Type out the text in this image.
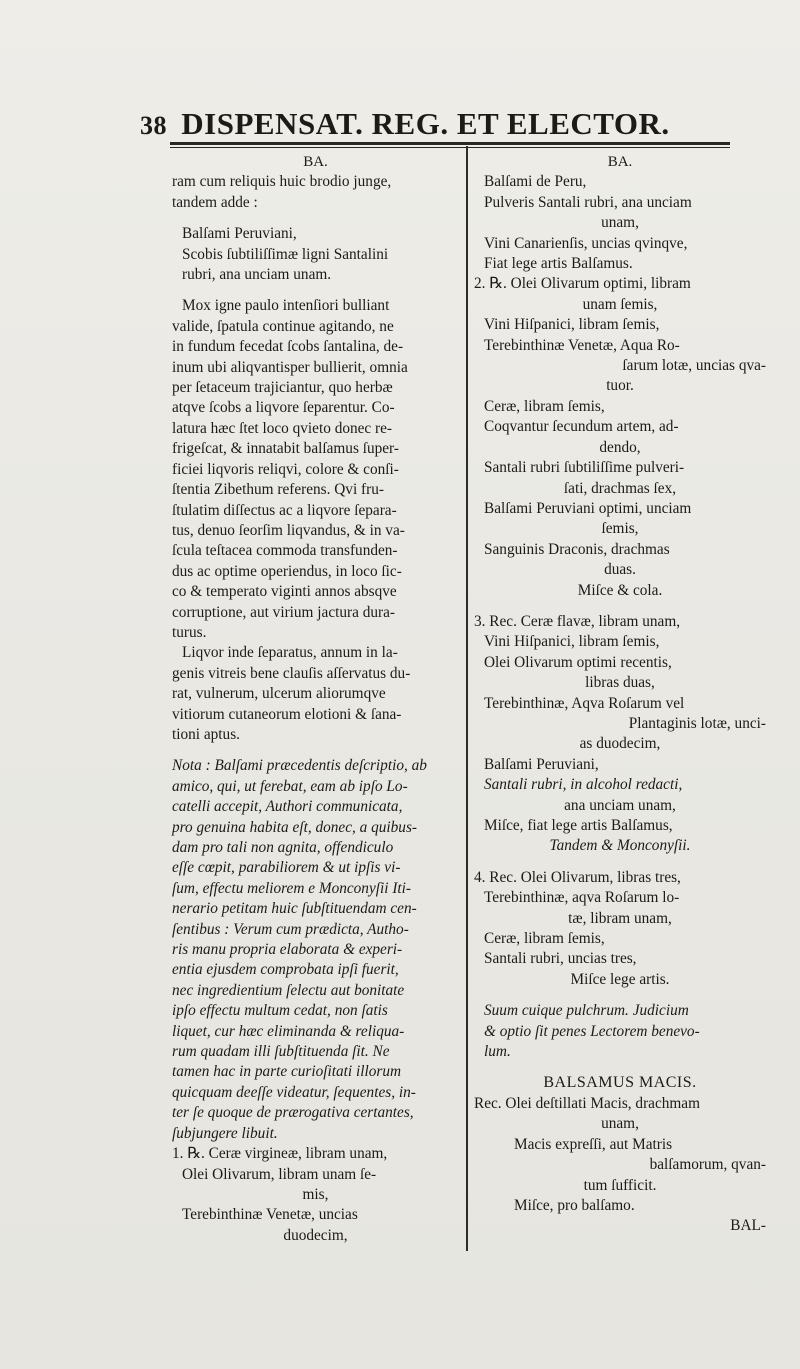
38 DISPENSAT. REG. ET ELECTOR.

BA.

ram cum reliquis huic brodio junge,

tandem adde :

Balſami Peruviani,

Scobis ſubtiliſſimæ ligni Santalini

rubri, ana unciam unam.

Mox igne paulo intenſiori bulliant

valide, ſpatula continue agitando, ne

in fundum fecedat ſcobs ſantalina, de-

inum ubi aliqvantisper bullierit, omnia

per ſetaceum trajiciantur, quo herbæ

atqve ſcobs a liqvore ſeparentur. Co-

latura hæc ſtet loco qvieto donec re-

frigeſcat, & innatabit balſamus ſuper-

ficiei liqvoris reliqvi, colore & conſi-

ſtentia Zibethum referens. Qvi fru-

ſtulatim diſſectus ac a liqvore ſepara-

tus, denuo ſeorſim liqvandus, & in va-

ſcula teſtacea commoda transfunden-

dus ac optime operiendus, in loco ſic-

co & temperato viginti annos absqve

corruptione, aut virium jactura dura-

turus.

Liqvor inde ſeparatus, annum in la-

genis vitreis bene clauſis aſſervatus du-

rat, vulnerum, ulcerum aliorumqve

vitiorum cutaneorum elotioni & ſana-

tioni aptus.

Nota : Balſami præcedentis deſcriptio, ab

amico, qui, ut ferebat, eam ab ipſo Lo-

catelli accepit, Authori communicata,

pro genuina habita eſt, donec, a quibus-

dam pro tali non agnita, offendiculo

eſſe cœpit, parabiliorem & ut ipſis vi-

ſum, effectu meliorem e Monconyſii Iti-

nerario petitam huic ſubſtituendam cen-

ſentibus : Verum cum prædicta, Autho-

ris manu propria elaborata & experi-

entia ejusdem comprobata ipſi fuerit,

nec ingredientium ſelectu aut bonitate

ipſo effectu multum cedat, non ſatis

liquet, cur hæc eliminanda & reliqua-

rum quadam illi ſubſtituenda ſit. Ne

tamen hac in parte curioſitati illorum

quicquam deeſſe videatur, ſequentes, in-

ter ſe quoque de prærogativa certantes,

ſubjungere libuit.

1. ℞. Ceræ virgineæ, libram unam,

Olei Olivarum, libram unam ſe-

mis,

Terebinthinæ Venetæ, uncias

duodecim,

BA.

Balſami de Peru,

Pulveris Santali rubri, ana unciam

unam,

Vini Canarienſis, uncias qvinqve,

Fiat lege artis Balſamus.

2. ℞. Olei Olivarum optimi, libram

unam ſemis,

Vini Hiſpanici, libram ſemis,

Terebinthinæ Venetæ, Aqua Ro-

ſarum lotæ, uncias qva-

tuor.

Ceræ, libram ſemis,

Coqvantur ſecundum artem, ad-

dendo,

Santali rubri ſubtiliſſime pulveri-

ſati, drachmas ſex,

Balſami Peruviani optimi, unciam

ſemis,

Sanguinis Draconis, drachmas

duas.

Miſce & cola.

3. Rec. Ceræ flavæ, libram unam,

Vini Hiſpanici, libram ſemis,

Olei Olivarum optimi recentis,

libras duas,

Terebinthinæ, Aqva Roſarum vel

Plantaginis lotæ, unci-

as duodecim,

Balſami Peruviani,

Santali rubri, in alcohol redacti,

ana unciam unam,

Miſce, fiat lege artis Balſamus,

Tandem & Monconyſii.

4. Rec. Olei Olivarum, libras tres,

Terebinthinæ, aqva Roſarum lo-

tæ, libram unam,

Ceræ, libram ſemis,

Santali rubri, uncias tres,

Miſce lege artis.

Suum cuique pulchrum. Judicium

& optio ſit penes Lectorem benevo-

lum.

BALSAMUS MACIS.

Rec. Olei deſtillati Macis, drachmam

unam,

Macis expreſſi, aut Matris

balſamorum, qvan-

tum ſufficit.

Miſce, pro balſamo.

BAL-
